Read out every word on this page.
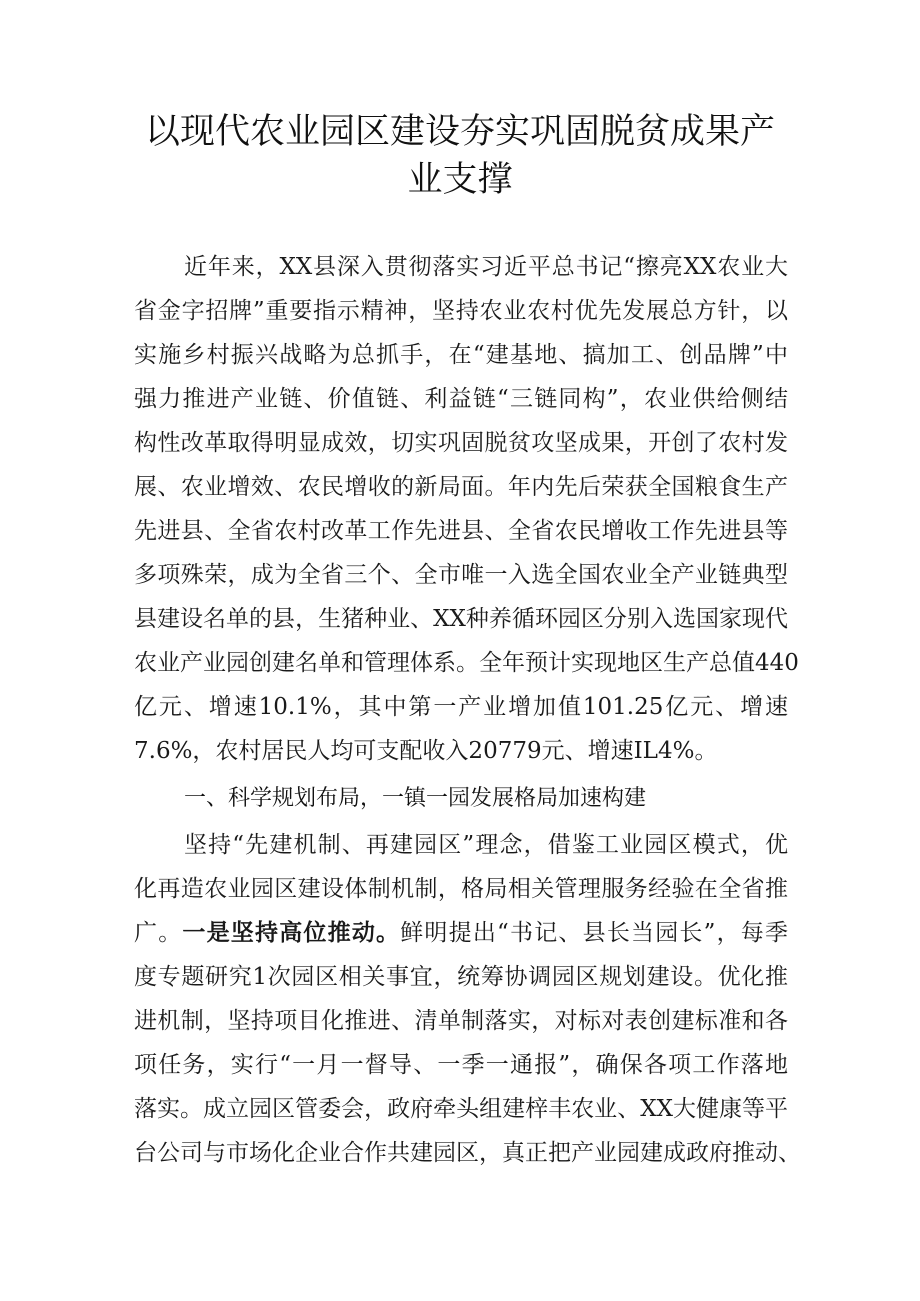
以现代农业园区建设夯实巩固脱贫成果产
业支撑
近年来，XX县深入贯彻落实习近平总书记“擦亮XX农业大
省金字招牌”重要指示精神，坚持农业农村优先发展总方针，以
实施乡村振兴战略为总抓手，在“建基地、搞加工、创品牌”中
强力推进产业链、价值链、利益链“三链同构”，农业供给侧结
构性改革取得明显成效，切实巩固脱贫攻坚成果，开创了农村发
展、农业增效、农民增收的新局面。年内先后荣获全国粮食生产
先进县、全省农村改革工作先进县、全省农民增收工作先进县等
多项殊荣，成为全省三个、全市唯一入选全国农业全产业链典型
县建设名单的县，生猪种业、XX种养循环园区分别入选国家现代
农业产业园创建名单和管理体系。全年预计实现地区生产总值440
亿元、增速10.1%，其中第一产业增加值101.25亿元、增速
7.6%，农村居民人均可支配收入20779元、增速IL4%。
一、科学规划布局，一镇一园发展格局加速构建
坚持“先建机制、再建园区”理念，借鉴工业园区模式，优
化再造农业园区建设体制机制，格局相关管理服务经验在全省推
广。一是坚持高位推动。鲜明提出“书记、县长当园长”，每季
度专题研究1次园区相关事宜，统筹协调园区规划建设。优化推
进机制，坚持项目化推进、清单制落实，对标对表创建标准和各
项任务，实行“一月一督导、一季一通报”，确保各项工作落地
落实。成立园区管委会，政府牵头组建梓丰农业、XX大健康等平
台公司与市场化企业合作共建园区，真正把产业园建成政府推动、
